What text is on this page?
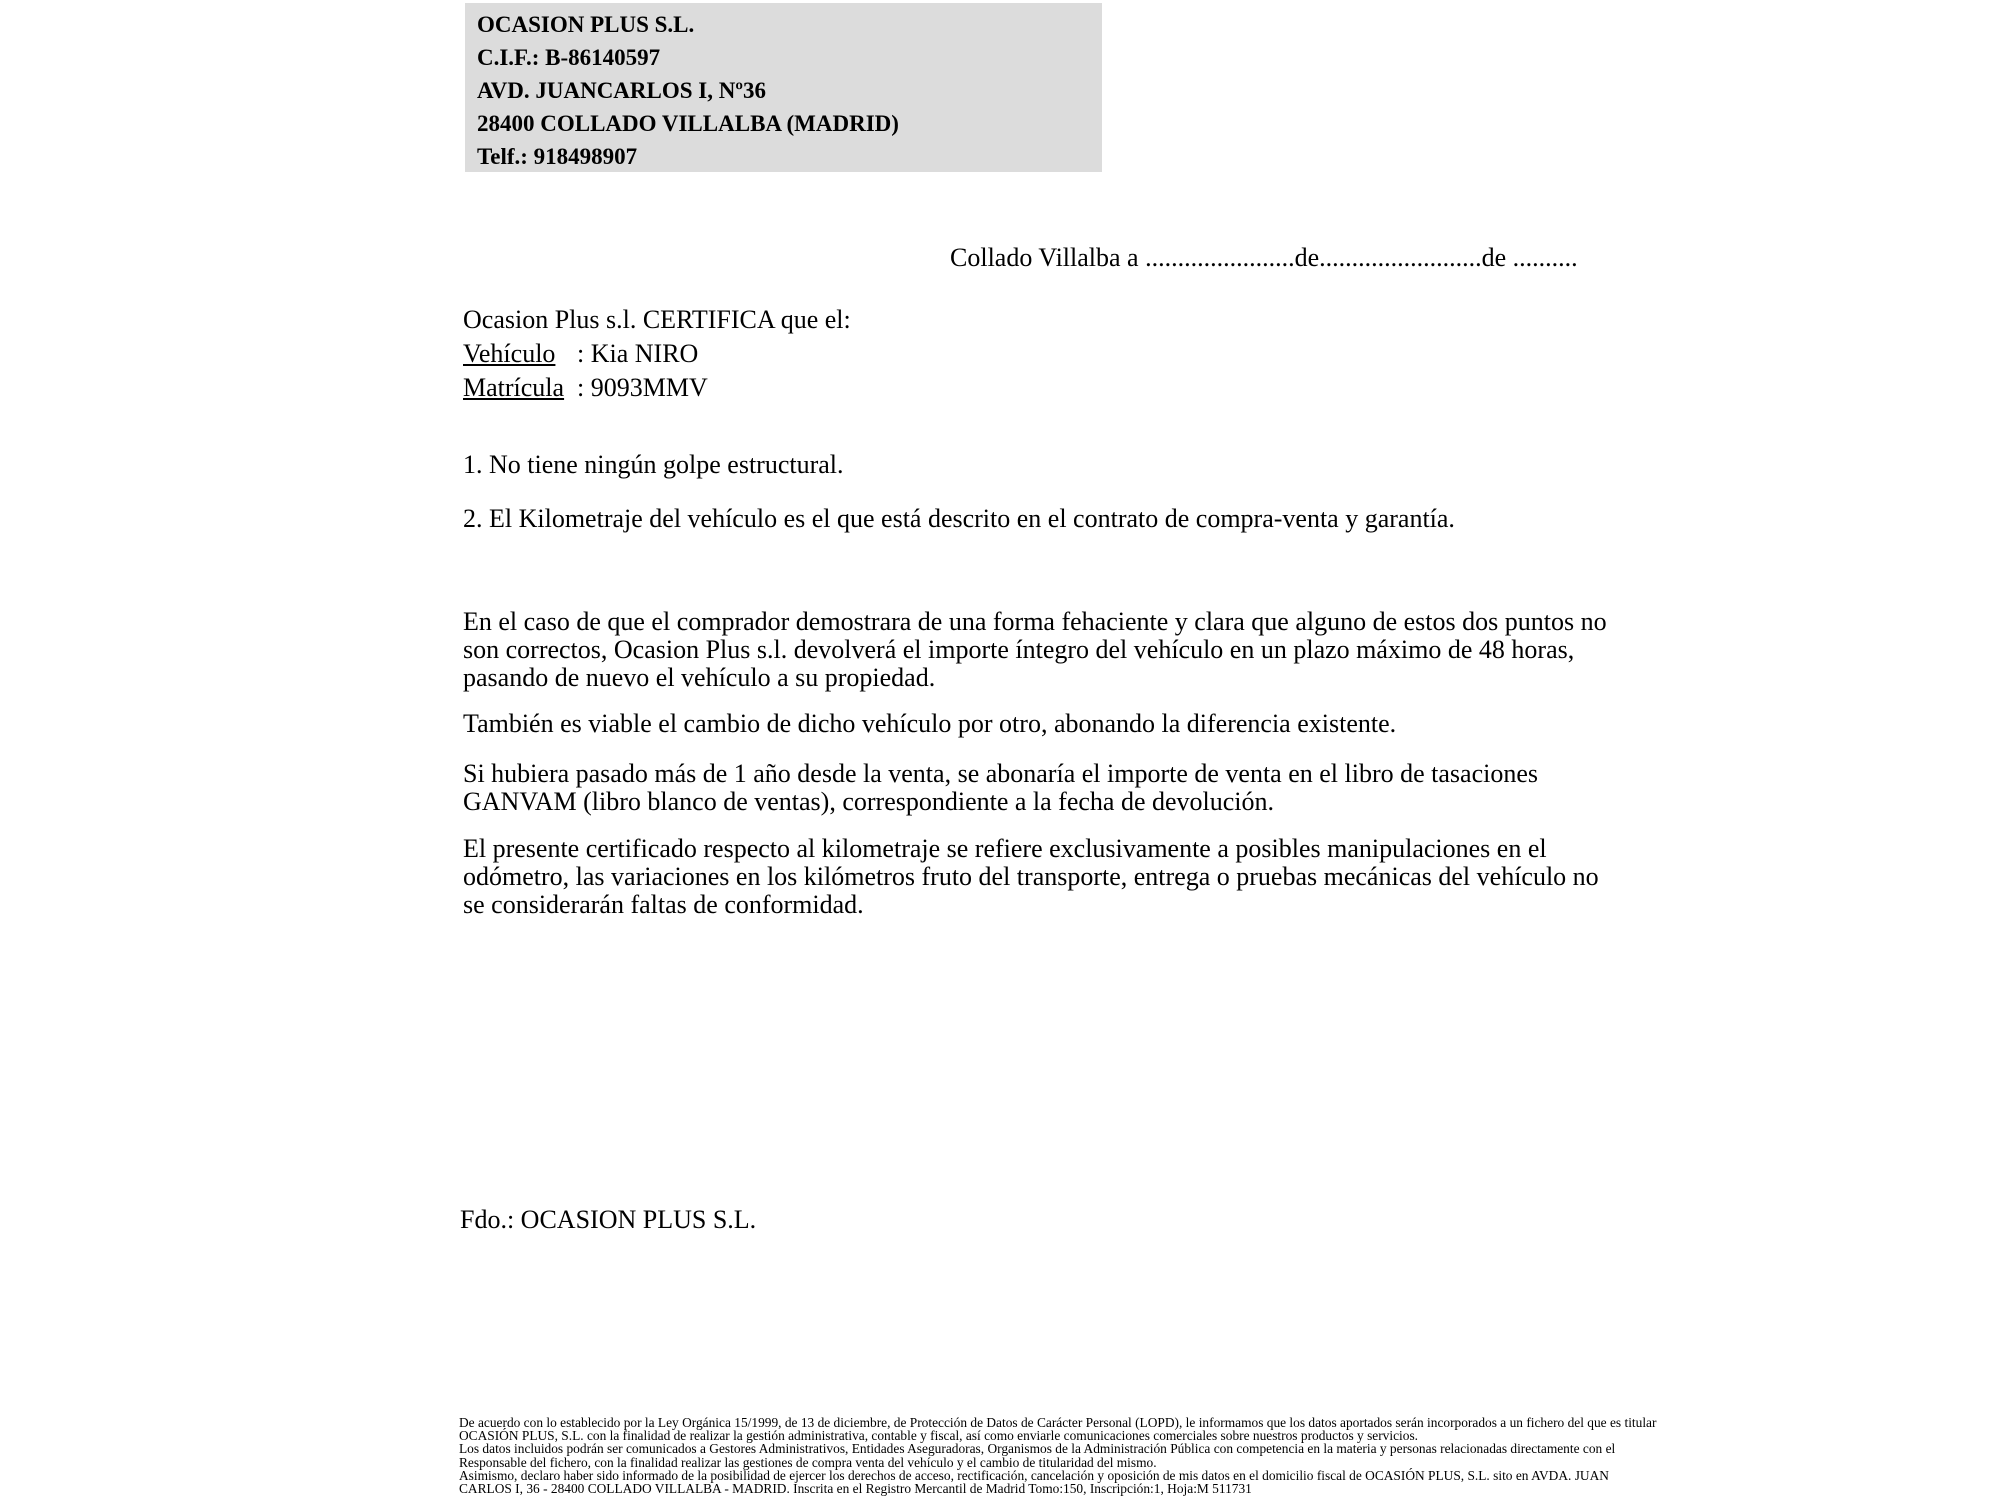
OCASION PLUS S.L.
C.I.F.: B-86140597
AVD. JUANCARLOS I, Nº36
28400 COLLADO VILLALBA (MADRID)
Telf.: 918498907
Collado Villalba a .......................de.........................de ..........
Ocasion Plus s.l. CERTIFICA que el:
Vehículo : Kia NIRO
Matrícula : 9093MMV
1. No tiene ningún golpe estructural.
2. El Kilometraje del vehículo es el que está descrito en el contrato de compra-venta y garantía.
En el caso de que el comprador demostrara de una forma fehaciente y clara que alguno de estos dos puntos no
son correctos, Ocasion Plus s.l. devolverá el importe íntegro del vehículo en un plazo máximo de 48 horas,
pasando de nuevo el vehículo a su propiedad.
También es viable el cambio de dicho vehículo por otro, abonando la diferencia existente.
Si hubiera pasado más de 1 año desde la venta, se abonaría el importe de venta en el libro de tasaciones
GANVAM (libro blanco de ventas), correspondiente a la fecha de devolución.
El presente certificado respecto al kilometraje se refiere exclusivamente a posibles manipulaciones en el
odómetro, las variaciones en los kilómetros fruto del transporte, entrega o pruebas mecánicas del vehículo no
se considerarán faltas de conformidad.
Fdo.: OCASION PLUS S.L.
De acuerdo con lo establecido por la Ley Orgánica 15/1999, de 13 de diciembre, de Protección de Datos de Carácter Personal (LOPD), le informamos que los datos aportados serán incorporados a un fichero del que es titular
OCASIÓN PLUS, S.L. con la finalidad de realizar la gestión administrativa, contable y fiscal, así como enviarle comunicaciones comerciales sobre nuestros productos y servicios.
Los datos incluidos podrán ser comunicados a Gestores Administrativos, Entidades Aseguradoras, Organismos de la Administración Pública con competencia en la materia y personas relacionadas directamente con el
Responsable del fichero, con la finalidad realizar las gestiones de compra venta del vehículo y el cambio de titularidad del mismo.
Asimismo, declaro haber sido informado de la posibilidad de ejercer los derechos de acceso, rectificación, cancelación y oposición de mis datos en el domicilio fiscal de OCASIÓN PLUS, S.L. sito en AVDA. JUAN
CARLOS I, 36 - 28400 COLLADO VILLALBA - MADRID. Inscrita en el Registro Mercantil de Madrid Tomo:150, Inscripción:1, Hoja:M 511731
